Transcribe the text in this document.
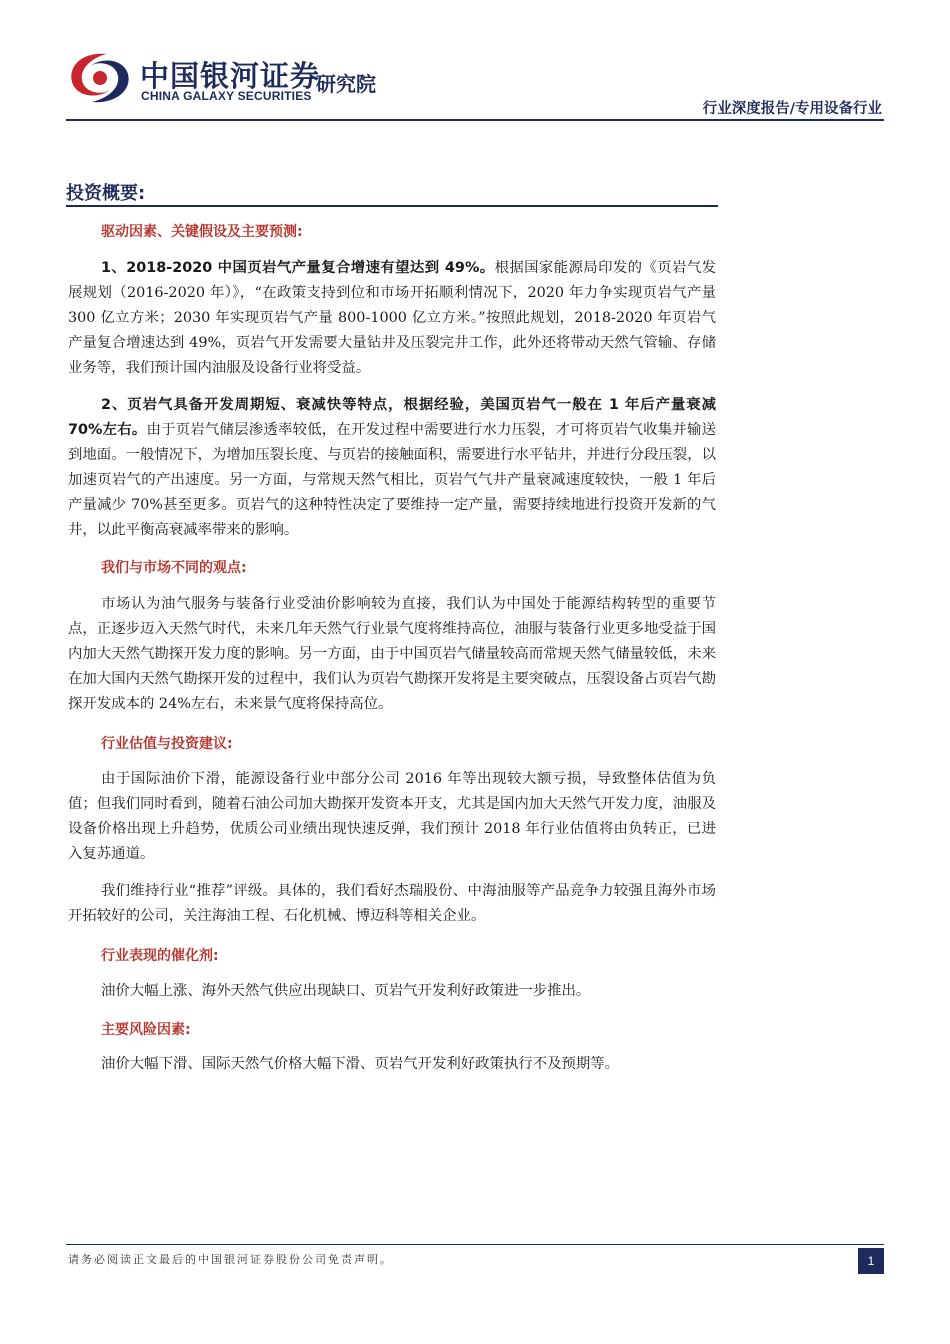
中国银河证券
CHINA GALAXY SECURITIES 研究院
行业深度报告/专用设备行业
投资概要:
驱动因素、关键假设及主要预测:
1、2018-2020 中国页岩气产量复合增速有望达到 49%。根据国家能源局印发的《页岩气发展规划（2016-2020 年）》，“在政策支持到位和市场开拓顺利情况下，2020 年力争实现页岩气产量 300 亿立方米；2030 年实现页岩气产量 800-1000 亿立方米。”按照此规划，2018-2020 年页岩气产量复合增速达到 49%，页岩气开发需要大量钻井及压裂完井工作，此外还将带动天然气管输、存储业务等，我们预计国内油服及设备行业将受益。
2、页岩气具备开发周期短、衰减快等特点，根据经验，美国页岩气一般在 1 年后产量衰减 70%左右。由于页岩气储层渗透率较低，在开发过程中需要进行水力压裂，才可将页岩气收集并输送到地面。一般情况下，为增加压裂长度、与页岩的接触面积，需要进行水平钻井，并进行分段压裂，以加速页岩气的产出速度。另一方面，与常规天然气相比，页岩气气井产量衰减速度较快，一般 1 年后产量减少 70%甚至更多。页岩气的这种特性决定了要维持一定产量，需要持续地进行投资开发新的气井，以此平衡高衰减率带来的影响。
我们与市场不同的观点:
市场认为油气服务与装备行业受油价影响较为直接，我们认为中国处于能源结构转型的重要节点，正逐步迈入天然气时代，未来几年天然气行业景气度将维持高位，油服与装备行业更多地受益于国内加大天然气勘探开发力度的影响。另一方面，由于中国页岩气储量较高而常规天然气储量较低，未来在加大国内天然气勘探开发的过程中，我们认为页岩气勘探开发将是主要突破点，压裂设备占页岩气勘探开发成本的 24%左右，未来景气度将保持高位。
行业估值与投资建议:
由于国际油价下滑，能源设备行业中部分公司 2016 年等出现较大额亏损，导致整体估值为负值；但我们同时看到，随着石油公司加大勘探开发资本开支，尤其是国内加大天然气开发力度，油服及设备价格出现上升趋势，优质公司业绩出现快速反弹，我们预计 2018 年行业估值将由负转正，已进入复苏通道。
我们维持行业“推荐”评级。具体的，我们看好杰瑞股份、中海油服等产品竞争力较强且海外市场开拓较好的公司，关注海油工程、石化机械、博迈科等相关企业。
行业表现的催化剂:
油价大幅上涨、海外天然气供应出现缺口、页岩气开发利好政策进一步推出。
主要风险因素:
油价大幅下滑、国际天然气价格大幅下滑、页岩气开发利好政策执行不及预期等。
请务必阅读正文最后的中国银河证券股份公司免责声明。	1
